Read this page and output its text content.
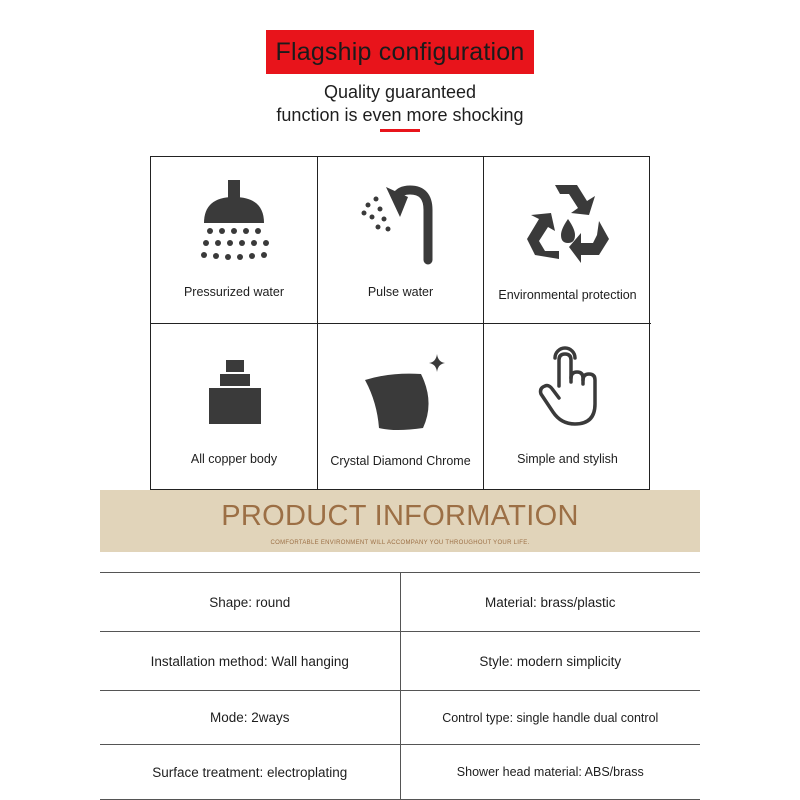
Flagship configuration
Quality guaranteed
function is even more shocking
Pressurized water	Pulse water	Environmental protection
All copper body	Crystal Diamond Chrome	Simple and stylish
PRODUCT INFORMATION
COMFORTABLE ENVIRONMENT WILL ACCOMPANY YOU THROUGHOUT YOUR LIFE.
Shape: round	Material: brass/plastic
Installation method: Wall hanging	Style: modern simplicity
Mode: 2ways	Control type: single handle dual control
Surface treatment: electroplating	Shower head material: ABS/brass
